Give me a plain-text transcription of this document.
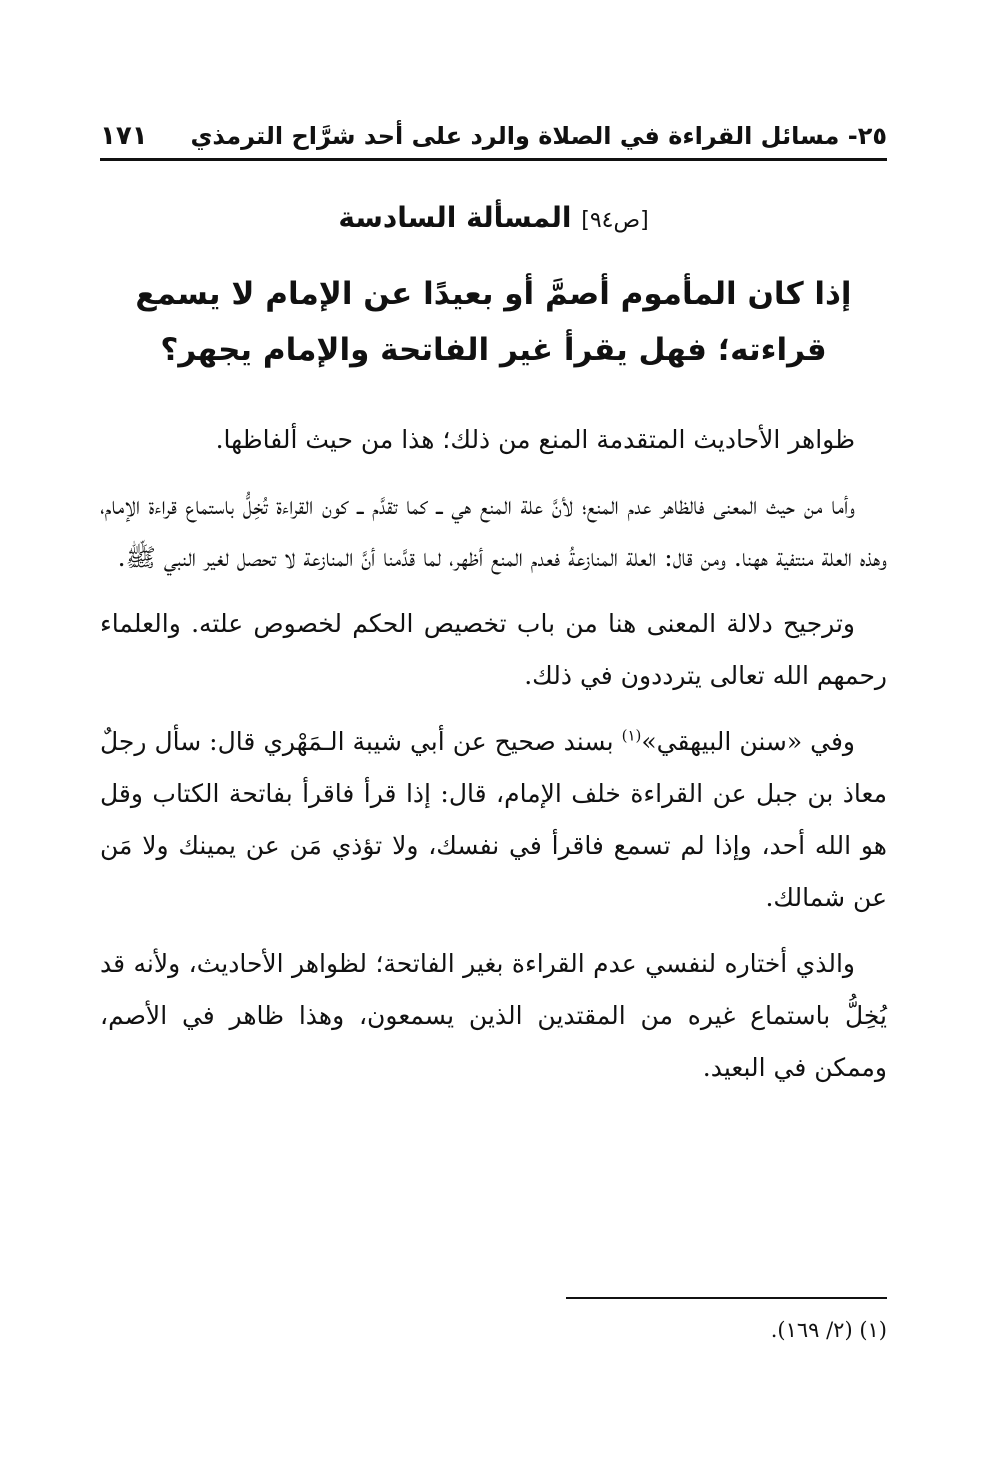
٢٥- مسائل القراءة في الصلاة والرد على أحد شرَّاح الترمذي
١٧١
[ص٩٤] المسألة السادسة
إذا كان المأموم أصمَّ أو بعيدًا عن الإمام لا يسمع قراءته؛ فهل يقرأ غير الفاتحة والإمام يجهر؟

ظواهر الأحاديث المتقدمة المنع من ذلك؛ هذا من حيث ألفاظها.

وأما من حيث المعنى فالظاهر عدم المنع؛ لأنَّ علة المنع هي ــ كما تقدَّم ــ كون القراءة تُخِلُّ باستماع قراءة الإمام، وهذه العلة منتفية ههنا. ومن قال: العلة المنازعةُ فعدم المنع أظهر، لما قدَّمنا أنَّ المنازعة لا تحصل لغير النبي ﷺ.

وترجيح دلالة المعنى هنا من باب تخصيص الحكم لخصوص علته. والعلماء رحمهم الله تعالى يترددون في ذلك.

وفي «سنن البيهقي»$^{(١)}$ بسند صحيح عن أبي شيبة الـمَهْري قال: سأل رجلٌ معاذ بن جبل عن القراءة خلف الإمام، قال: إذا قرأ فاقرأ بفاتحة الكتاب وقل هو الله أحد، وإذا لم تسمع فاقرأ في نفسك، ولا تؤذي مَن عن يمينك ولا مَن عن شمالك.

والذي أختاره لنفسي عدم القراءة بغير الفاتحة؛ لظواهر الأحاديث، ولأنه قد يُخِلُّ باستماع غيره من المقتدين الذين يسمعون، وهذا ظاهر في الأصم، وممكن في البعيد.

(١) (٢/ ١٦٩).
